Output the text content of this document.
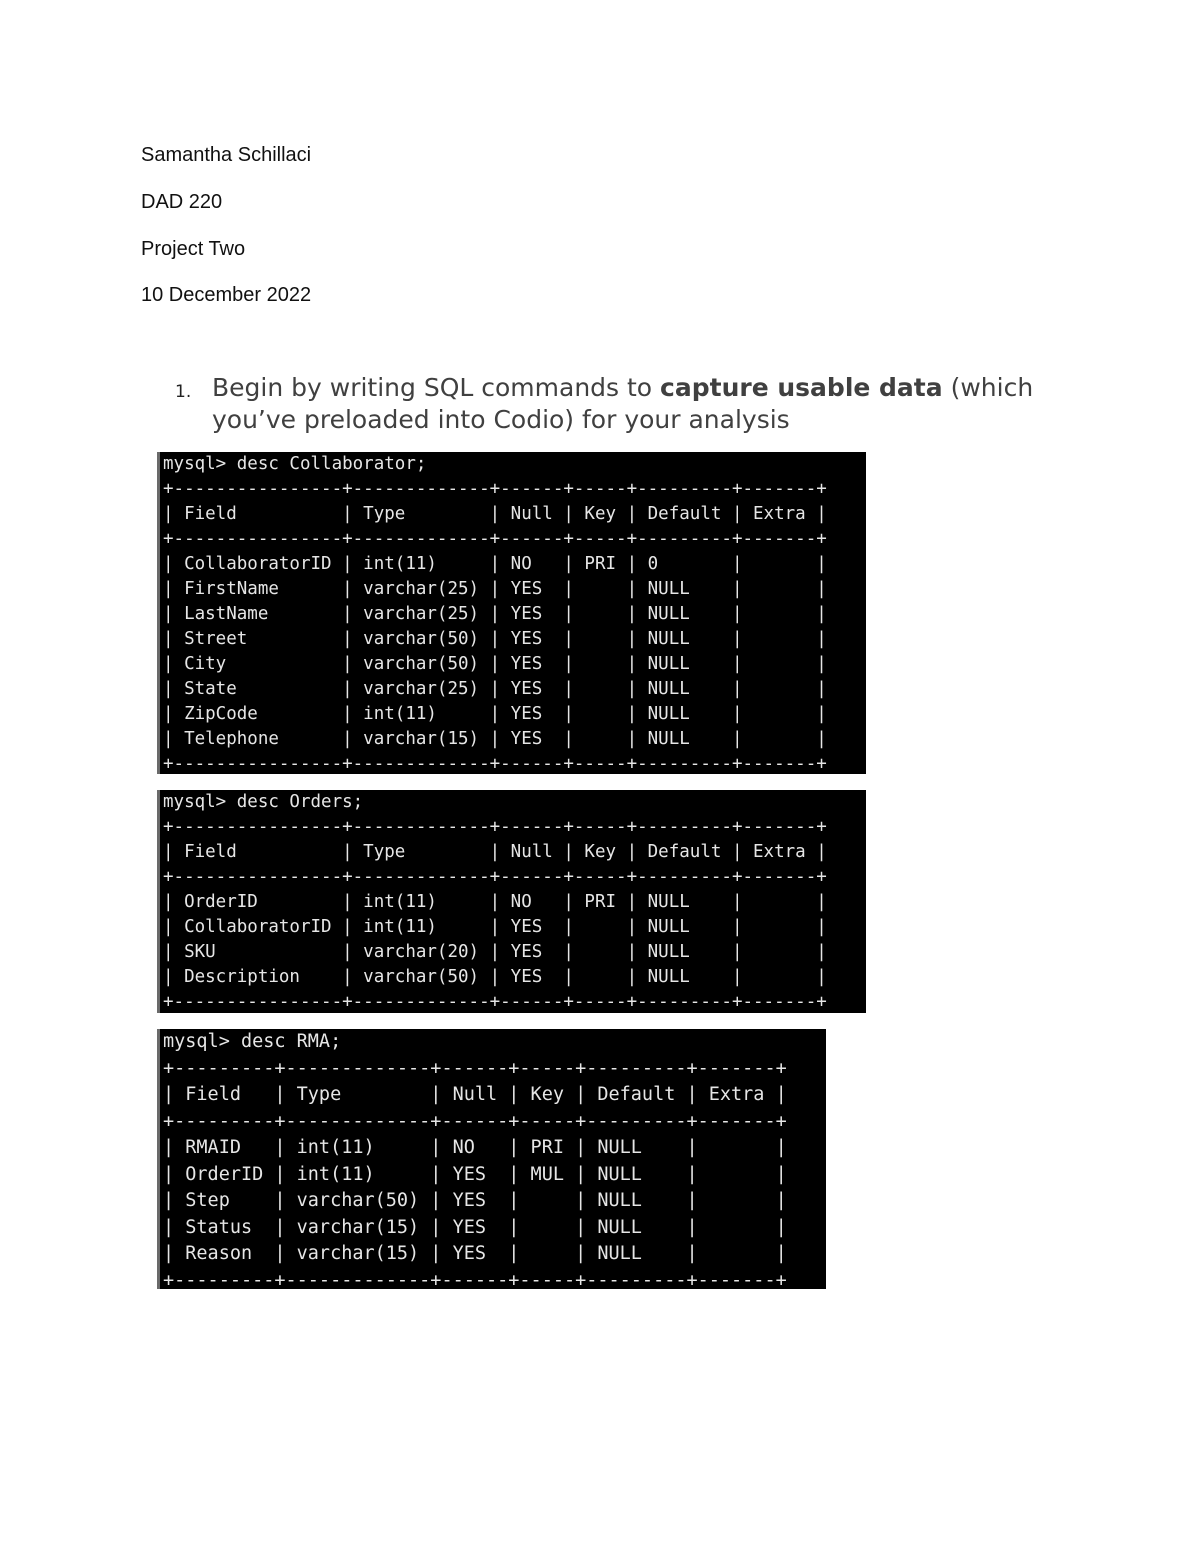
Samantha Schillaci
DAD 220
Project Two
10 December 2022
1. Begin by writing SQL commands to capture usable data (which you’ve preloaded into Codio) for your analysis
mysql> desc Collaborator;
+----------------+-------------+------+-----+---------+-------+
| Field          | Type        | Null | Key | Default | Extra |
+----------------+-------------+------+-----+---------+-------+
| CollaboratorID | int(11)     | NO   | PRI | 0       |       |
| FirstName      | varchar(25) | YES  |     | NULL    |       |
| LastName       | varchar(25) | YES  |     | NULL    |       |
| Street         | varchar(50) | YES  |     | NULL    |       |
| City           | varchar(50) | YES  |     | NULL    |       |
| State          | varchar(25) | YES  |     | NULL    |       |
| ZipCode        | int(11)     | YES  |     | NULL    |       |
| Telephone      | varchar(15) | YES  |     | NULL    |       |
+----------------+-------------+------+-----+---------+-------+
mysql> desc Orders;
+----------------+-------------+------+-----+---------+-------+
| Field          | Type        | Null | Key | Default | Extra |
+----------------+-------------+------+-----+---------+-------+
| OrderID        | int(11)     | NO   | PRI | NULL    |       |
| CollaboratorID | int(11)     | YES  |     | NULL    |       |
| SKU            | varchar(20) | YES  |     | NULL    |       |
| Description    | varchar(50) | YES  |     | NULL    |       |
+----------------+-------------+------+-----+---------+-------+
mysql> desc RMA;
+---------+-------------+------+-----+---------+-------+
| Field   | Type        | Null | Key | Default | Extra |
+---------+-------------+------+-----+---------+-------+
| RMAID   | int(11)     | NO   | PRI | NULL    |       |
| OrderID | int(11)     | YES  | MUL | NULL    |       |
| Step    | varchar(50) | YES  |     | NULL    |       |
| Status  | varchar(15) | YES  |     | NULL    |       |
| Reason  | varchar(15) | YES  |     | NULL    |       |
+---------+-------------+------+-----+---------+-------+
